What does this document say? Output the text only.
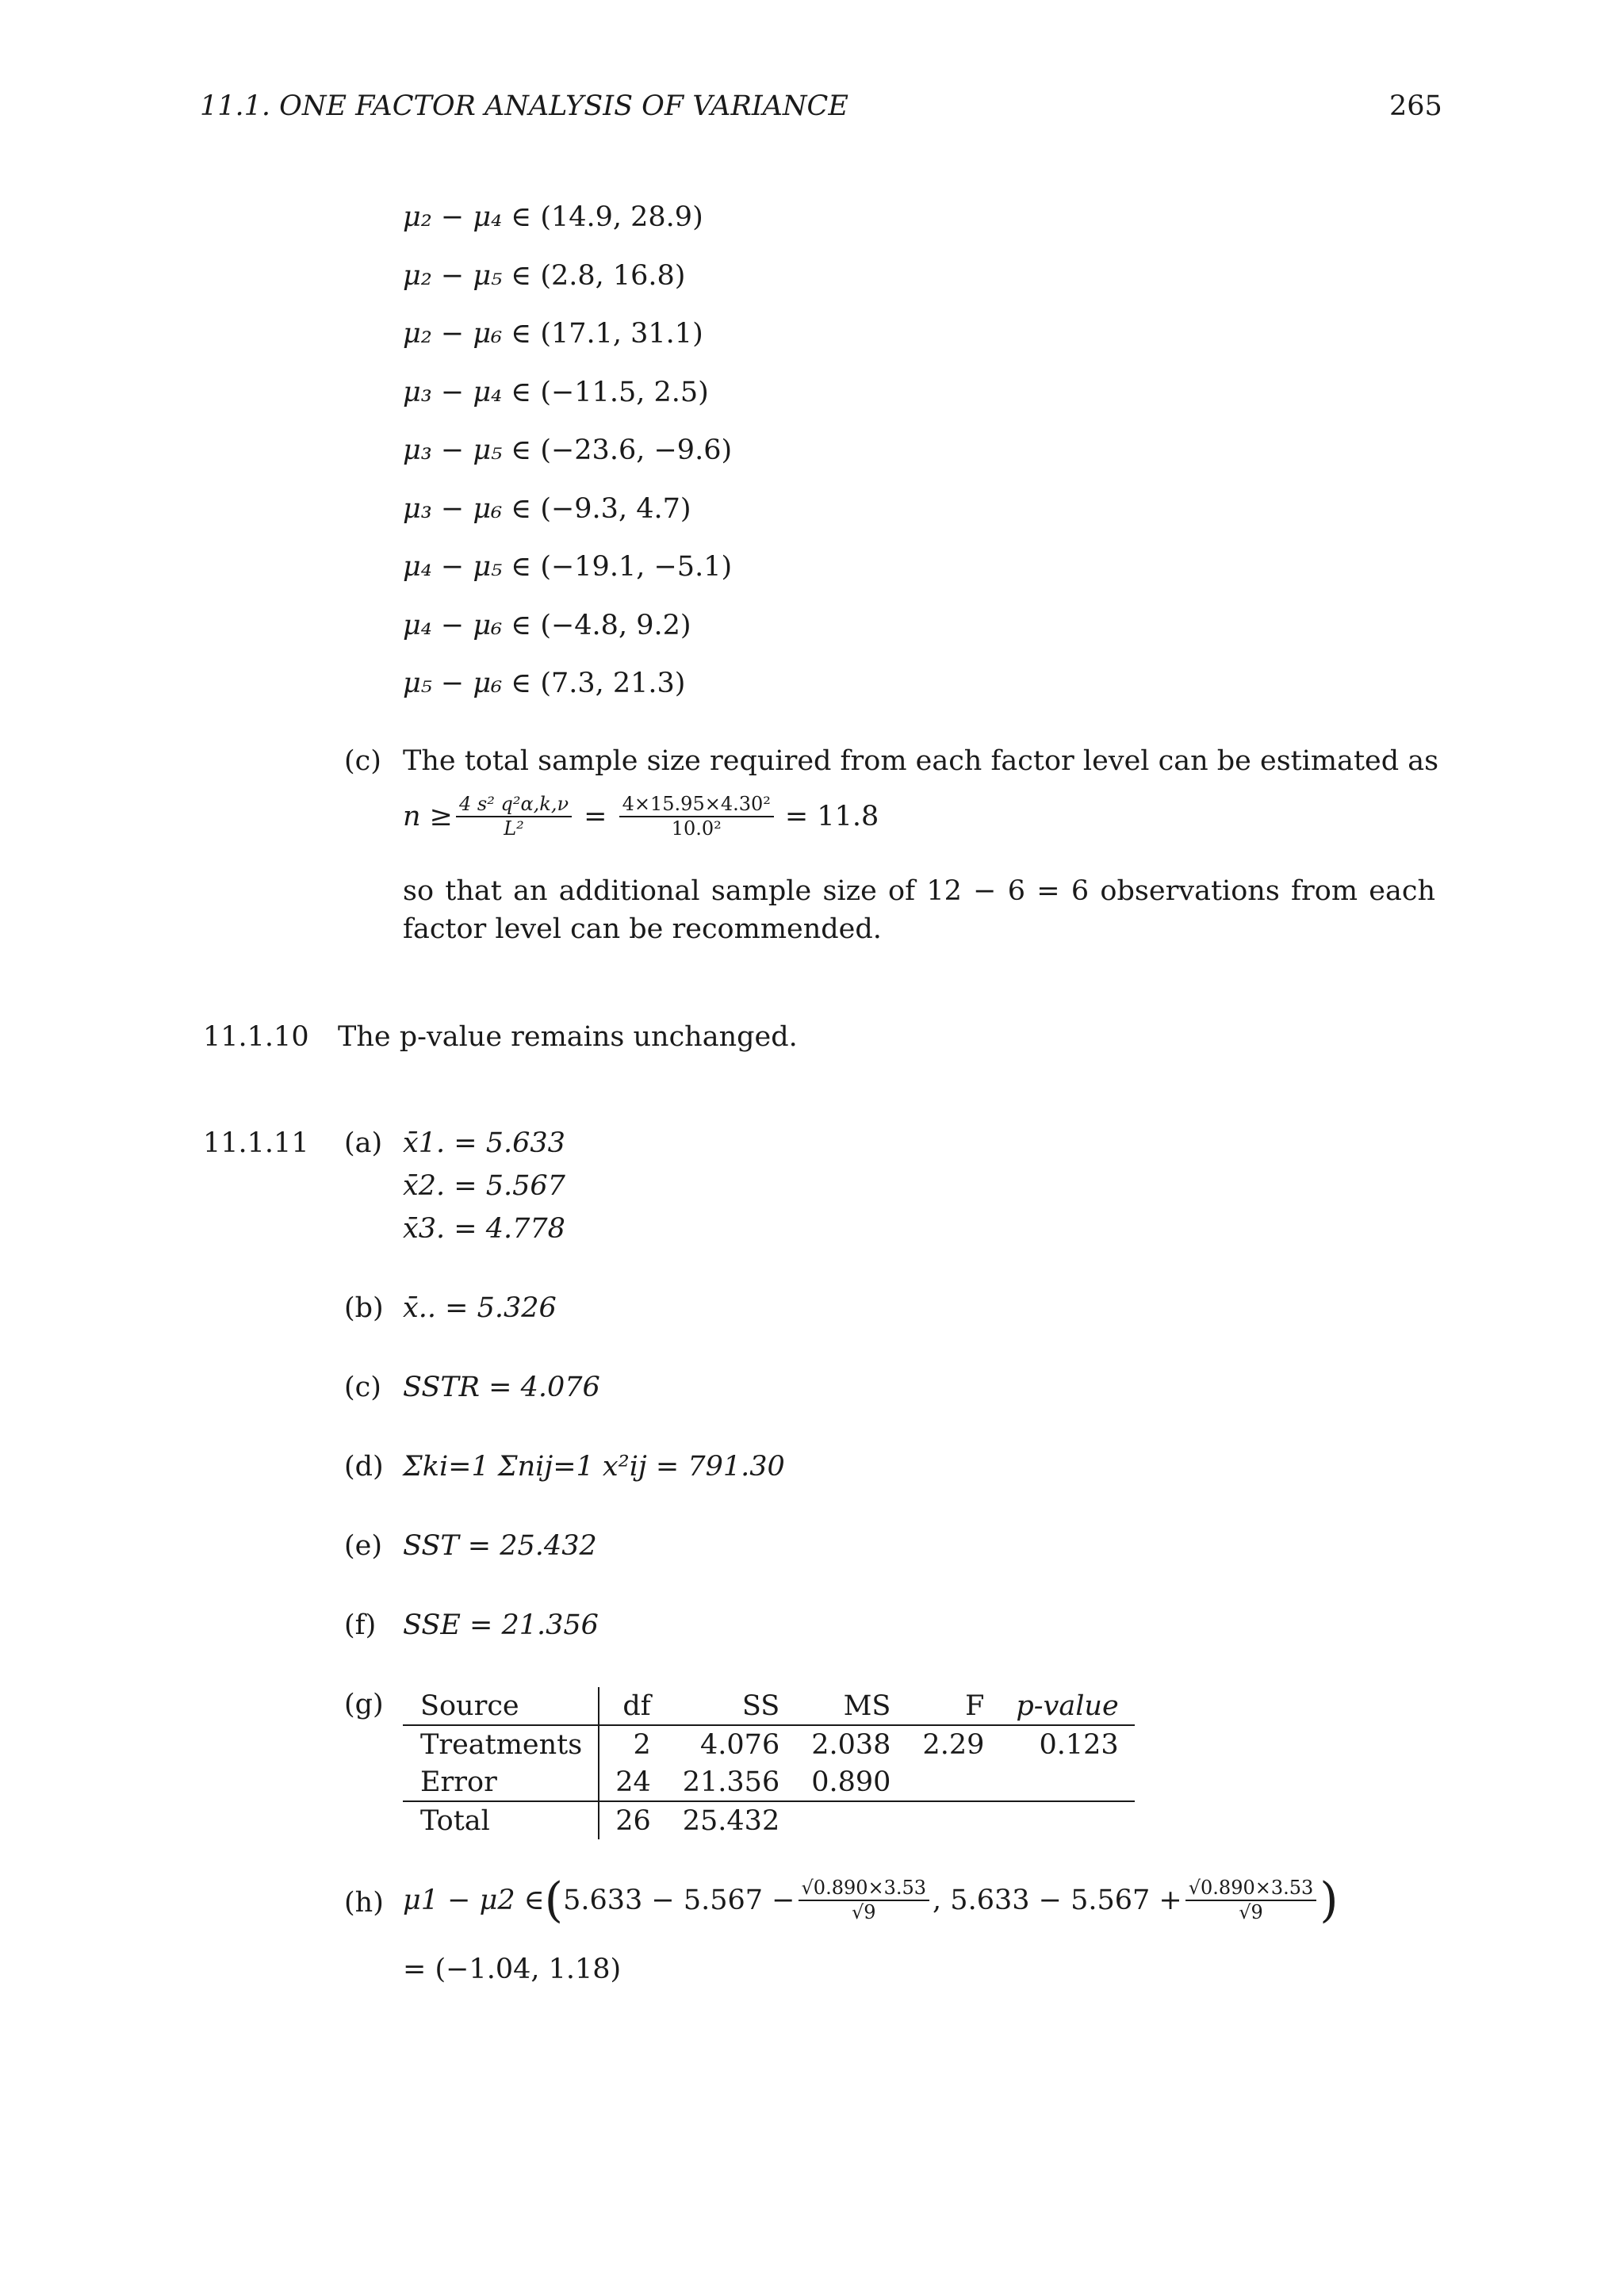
11.1. ONE FACTOR ANALYSIS OF VARIANCE	265
μ₂ − μ₄ ∈ (14.9, 28.9)
μ₂ − μ₅ ∈ (2.8, 16.8)
μ₂ − μ₆ ∈ (17.1, 31.1)
μ₃ − μ₄ ∈ (−11.5, 2.5)
μ₃ − μ₅ ∈ (−23.6, −9.6)
μ₃ − μ₆ ∈ (−9.3, 4.7)
μ₄ − μ₅ ∈ (−19.1, −5.1)
μ₄ − μ₆ ∈ (−4.8, 9.2)
μ₅ − μ₆ ∈ (7.3, 21.3)
(c) The total sample size required from each factor level can be estimated as
$n \ge \frac{\text{4 s² q²α,k,ν}}{\text{L²}} = \frac{\text{4×15.95×4.30²}}{\text{10.0²}} = 11.8$
so that an additional sample size of 12 − 6 = 6 observations from each factor level can be recommended.
11.1.10 The p-value remains unchanged.
11.1.11 (a) x̄1. = 5.633
x̄2. = 5.567
x̄3. = 4.778
(b) x̄.. = 5.326
(c) SSTR = 4.076
(d) Σki=1 Σnij=1 x²ij = 791.30
(e) SST = 25.432
(f) SSE = 21.356
(g) Source	df	SS	MS	F	p-value
Treatments	2	4.076	2.038	2.29	0.123
Error	24	21.356	0.890		
Total	26	25.432			
(h) μ1 − μ2 ∈ ( $5.633 - 5.567 - \frac{√0.890\times 3.53}{√9}$ , $5.633 - 5.567 + \frac{√0.890\times 3.53}{√9}$ )
= (−1.04, 1.18)
